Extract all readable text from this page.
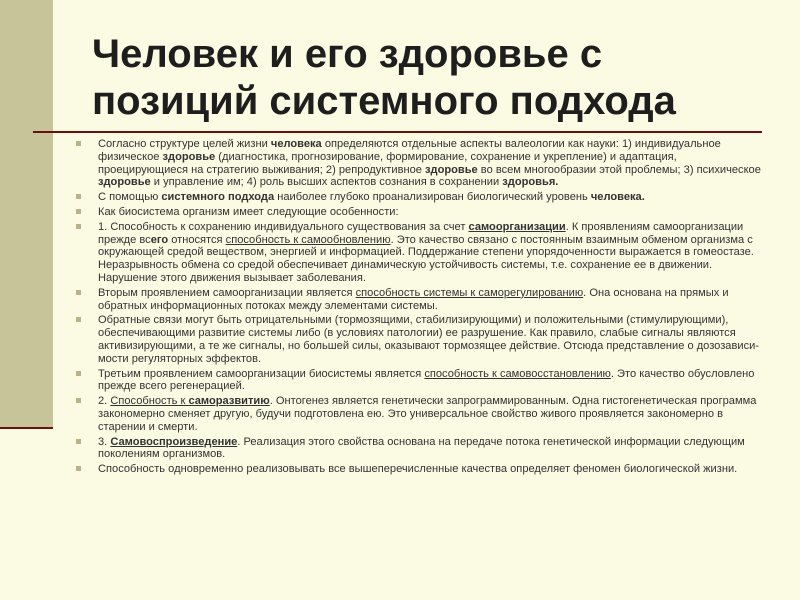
Человек и его здоровье с
позиций системного подхода
Согласно структуре целей жизни человека определяются отдельные аспекты валеологии как науки: 1) индивидуальное физическое здоровье (диагностика, прогнозирование, формирование, сохранение и укрепление) и адаптация, проецирующиеся на стратегию выживания; 2) репродуктивное здоровье во всем многообразии этой проблемы; 3) психическое здоровье и управление им; 4) роль высших аспектов сознания в сохранении здоровья.
С помощью системного подхода наиболее глубоко проанализирован биологический уровень человека.
Как биосистема организм имеет следующие особенности:
1. Способность к сохранению индивидуального существования за счет самоорганизации. К проявлениям самоорганизации прежде всего относятся способность к самообновлению. Это качество связано с постоянным взаимным обменом организма с окружающей средой веществом, энергией и информацией. Поддержание степени упорядоченности выражается в гомеостазе. Неразрывность обмена со средой обеспечивает динамическую устойчивость системы, т.е. сохранение ее в движении. Нарушение этого движения вызывает заболевания.
Вторым проявлением самоорганизации является способность системы к саморегулированию. Она основана на прямых и обратных информационных потоках между элементами системы.
Обратные связи могут быть отрицательными (тормозящими, стабилизирующими) и положительными (стимулирующими), обеспечивающими развитие системы либо (в условиях патологии) ее разрушение. Как правило, слабые сигналы являются активизирующими, а те же сигналы, но большей силы, оказывают тормозящее действие. Отсюда представление о дозозависи-мости регуляторных эффектов.
Третьим проявлением самоорганизации биосистемы является способность к самовосстановлению. Это качество обусловлено прежде всего регенерацией.
2. Способность к саморазвитию. Онтогенез является генетически запрограммированным. Одна гистогенетическая программа закономерно сменяет другую, будучи подготовлена ею. Это универсальное свойство живого проявляется закономерно в старении и смерти.
3. Самовоспроизведение. Реализация этого свойства основана на передаче потока генетической информации следующим поколениям организмов.
Способность одновременно реализовывать все вышеперечисленные качества определяет феномен биологической жизни.
